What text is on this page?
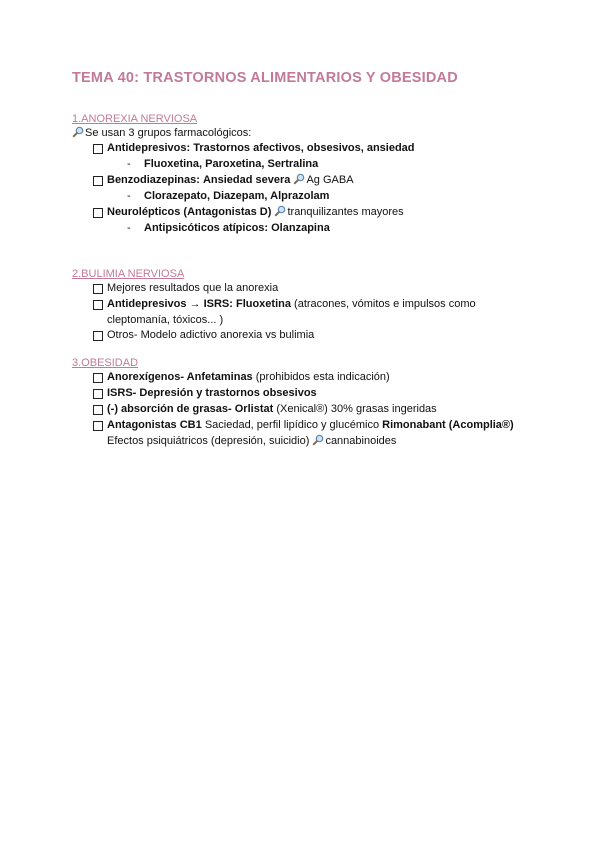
TEMA 40: TRASTORNOS ALIMENTARIOS Y OBESIDAD
1.ANOREXIA NERVIOSA
Se usan 3 grupos farmacológicos:
Antidepresivos: Trastornos afectivos, obsesivos, ansiedad
- Fluoxetina, Paroxetina, Sertralina
Benzodiazepinas: Ansiedad severa Ag GABA
- Clorazepato, Diazepam, Alprazolam
Neurolépticos (Antagonistas D) tranquilizantes mayores
- Antipsicóticos atípicos: Olanzapina
2.BULIMIA NERVIOSA
Mejores resultados que la anorexia
Antidepresivos → ISRS: Fluoxetina (atracones, vómitos e impulsos como
cleptomanía, tóxicos... )
Otros- Modelo adictivo anorexia vs bulimia
3.OBESIDAD
Anorexígenos- Anfetaminas (prohibidos esta indicación)
ISRS- Depresión y trastornos obsesivos
(-) absorción de grasas- Orlistat (Xenical®) 30% grasas ingeridas
Antagonistas CB1 Saciedad, perfil lipídico y glucémico Rimonabant (Acomplia®)
Efectos psiquiátricos (depresión, suicidio) cannabinoides
